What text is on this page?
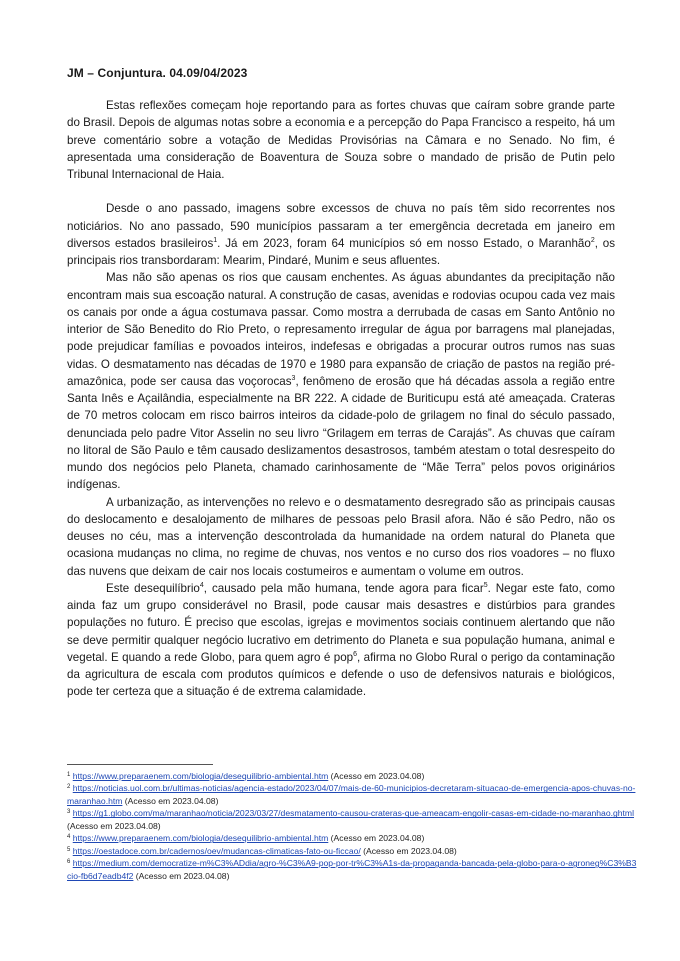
JM – Conjuntura. 04.09/04/2023

Estas reflexões começam hoje reportando para as fortes chuvas que caíram sobre grande parte do Brasil. Depois de algumas notas sobre a economia e a percepção do Papa Francisco a respeito, há um breve comentário sobre a votação de Medidas Provisórias na Câmara e no Senado. No fim, é apresentada uma consideração de Boaventura de Souza sobre o mandado de prisão de Putin pelo Tribunal Internacional de Haia.

Desde o ano passado, imagens sobre excessos de chuva no país têm sido recorrentes nos noticiários. No ano passado, 590 municípios passaram a ter emergência decretada em janeiro em diversos estados brasileiros$^1$. Já em 2023, foram 64 municípios só em nosso Estado, o Maranhão$^2$, os principais rios transbordaram: Mearim, Pindaré, Munim e seus afluentes.

Mas não são apenas os rios que causam enchentes. As águas abundantes da precipitação não encontram mais sua escoação natural. A construção de casas, avenidas e rodovias ocupou cada vez mais os canais por onde a água costumava passar. Como mostra a derrubada de casas em Santo Antônio no interior de São Benedito do Rio Preto, o represamento irregular de água por barragens mal planejadas, pode prejudicar famílias e povoados inteiros, indefesas e obrigadas a procurar outros rumos nas suas vidas. O desmatamento nas décadas de 1970 e 1980 para expansão de criação de pastos na região pré-amazônica, pode ser causa das voçorocas$^3$, fenômeno de erosão que há décadas assola a região entre Santa Inês e Açailândia, especialmente na BR 222. A cidade de Buriticupu está até ameaçada. Crateras de 70 metros colocam em risco bairros inteiros da cidade-polo de grilagem no final do século passado, denunciada pelo padre Vitor Asselin no seu livro “Grilagem em terras de Carajás”. As chuvas que caíram no litoral de São Paulo e têm causado deslizamentos desastrosos, também atestam o total desrespeito do mundo dos negócios pelo Planeta, chamado carinhosamente de “Mãe Terra” pelos povos originários indígenas.

A urbanização, as intervenções no relevo e o desmatamento desregrado são as principais causas do deslocamento e desalojamento de milhares de pessoas pelo Brasil afora. Não é são Pedro, não os deuses no céu, mas a intervenção descontrolada da humanidade na ordem natural do Planeta que ocasiona mudanças no clima, no regime de chuvas, nos ventos e no curso dos rios voadores – no fluxo das nuvens que deixam de cair nos locais costumeiros e aumentam o volume em outros.

Este desequilíbrio$^4$, causado pela mão humana, tende agora para ficar$^5$. Negar este fato, como ainda faz um grupo considerável no Brasil, pode causar mais desastres e distúrbios para grandes populações no futuro. É preciso que escolas, igrejas e movimentos sociais continuem alertando que não se deve permitir qualquer negócio lucrativo em detrimento do Planeta e sua população humana, animal e vegetal. E quando a rede Globo, para quem agro é pop$^6$, afirma no Globo Rural o perigo da contaminação da agricultura de escala com produtos químicos e defende o uso de defensivos naturais e biológicos, pode ter certeza que a situação é de extrema calamidade.

$^1$ https://www.preparaenem.com/biologia/desequilibrio-ambiental.htm (Acesso em 2023.04.08)
$^2$ https://noticias.uol.com.br/ultimas-noticias/agencia-estado/2023/04/07/mais-de-60-municipios-decretaram-situacao-de-emergencia-apos-chuvas-no-maranhao.htm (Acesso em 2023.04.08)
$^3$ https://g1.globo.com/ma/maranhao/noticia/2023/03/27/desmatamento-causou-crateras-que-ameacam-engolir-casas-em-cidade-no-maranhao.ghtml (Acesso em 2023.04.08)
$^4$ https://www.preparaenem.com/biologia/desequilibrio-ambiental.htm (Acesso em 2023.04.08)
$^5$ https://oestadoce.com.br/cadernos/oev/mudancas-climaticas-fato-ou-ficcao/ (Acesso em 2023.04.08)
$^6$ https://medium.com/democratize-m%C3%ADdia/agro-%C3%A9-pop-por-tr%C3%A1s-da-propaganda-bancada-pela-globo-para-o-agroneg%C3%B3cio-fb6d7eadb4f2 (Acesso em 2023.04.08)
